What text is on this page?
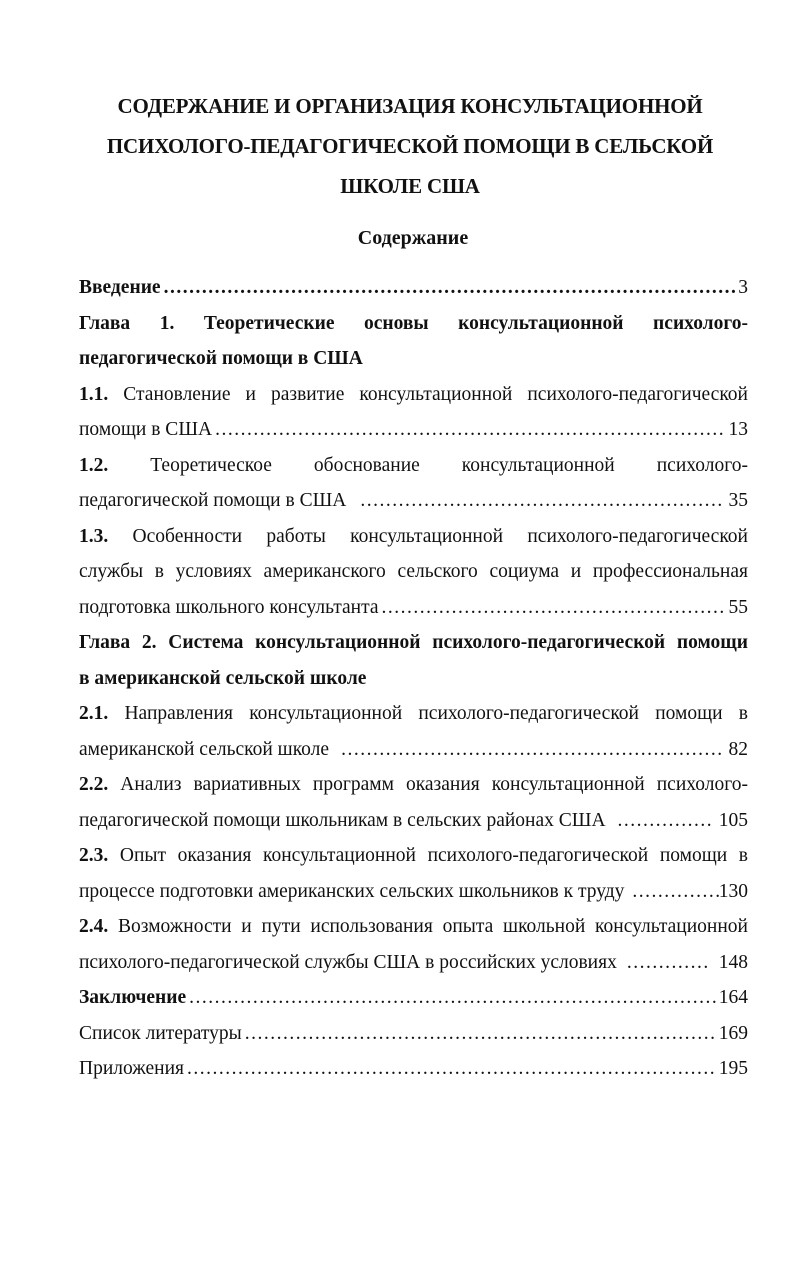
СОДЕРЖАНИЕ И ОРГАНИЗАЦИЯ КОНСУЛЬТАЦИОННОЙ
ПСИХОЛОГО-ПЕДАГОГИЧЕСКОЙ ПОМОЩИ В СЕЛЬСКОЙ
ШКОЛЕ США
Содержание
Введение .....	3
Глава 1. Теоретические основы консультационной психолого-
педагогической помощи в США
1.1. Становление и развитие консультационной психолого-педагогической
помощи в США .....	13
1.2. Теоретическое обоснование консультационной психолого-
педагогической помощи в США .....	35
1.3. Особенности работы консультационной психолого-педагогической
службы в условиях американского сельского социума и профессиональная
подготовка школьного консультанта .....	55
Глава 2. Система консультационной психолого-педагогической помощи
в американской сельской школе
2.1. Направления консультационной психолого-педагогической помощи в
американской сельской школе .....	82
2.2. Анализ вариативных программ оказания консультационной психолого-
педагогической помощи школьникам в сельских районах США .....	105
2.3. Опыт оказания консультационной психолого-педагогической помощи в
процессе подготовки американских сельских школьников к труду .....	130
2.4. Возможности и пути использования опыта школьной консультационной
психолого-педагогической службы США в российских условиях .....	148
Заключение .....	164
Список литературы .....	169
Приложения .....	195
